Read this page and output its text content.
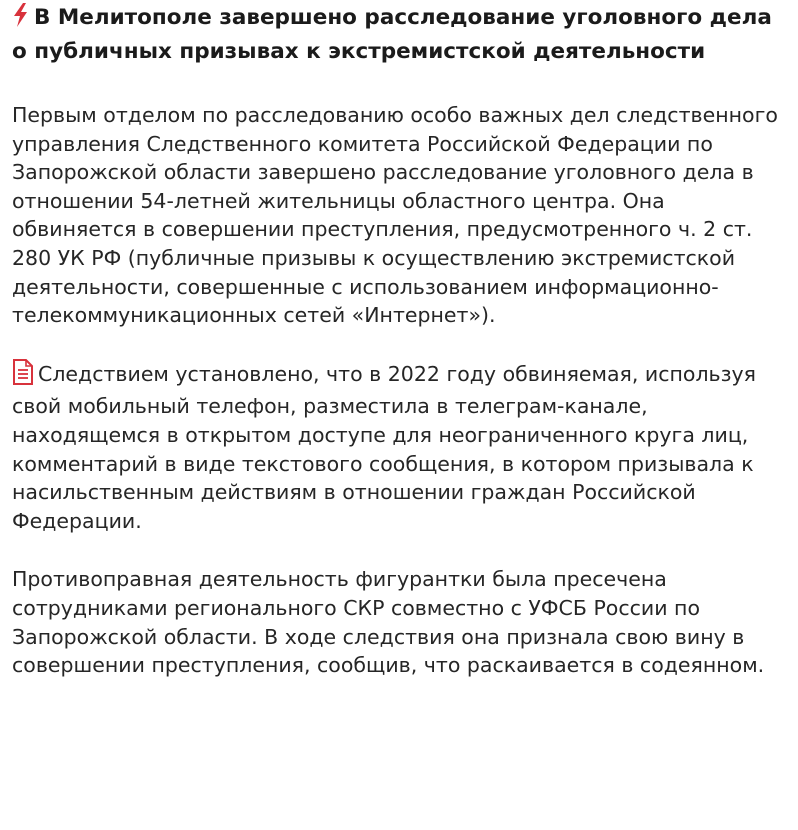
В Мелитополе завершено расследование уголовного дела о публичных призывах к экстремистской деятельности

Первым отделом по расследованию особо важных дел следственного управления Следственного комитета Российской Федерации по Запорожской области завершено расследование уголовного дела в отношении 54-летней жительницы областного центра. Она обвиняется в совершении преступления, предусмотренного ч. 2 ст. 280 УК РФ (публичные призывы к осуществлению экстремистской деятельности, совершенные с использованием информационно-телекоммуникационных сетей «Интернет»).

Следствием установлено, что в 2022 году обвиняемая, используя свой мобильный телефон, разместила в телеграм-канале, находящемся в открытом доступе для неограниченного круга лиц, комментарий в виде текстового сообщения, в котором призывала к насильственным действиям в отношении граждан Российской Федерации.

Противоправная деятельность фигурантки была пресечена сотрудниками регионального СКР совместно с УФСБ России по Запорожской области. В ходе следствия она признала свою вину в совершении преступления, сообщив, что раскаивается в содеянном.
